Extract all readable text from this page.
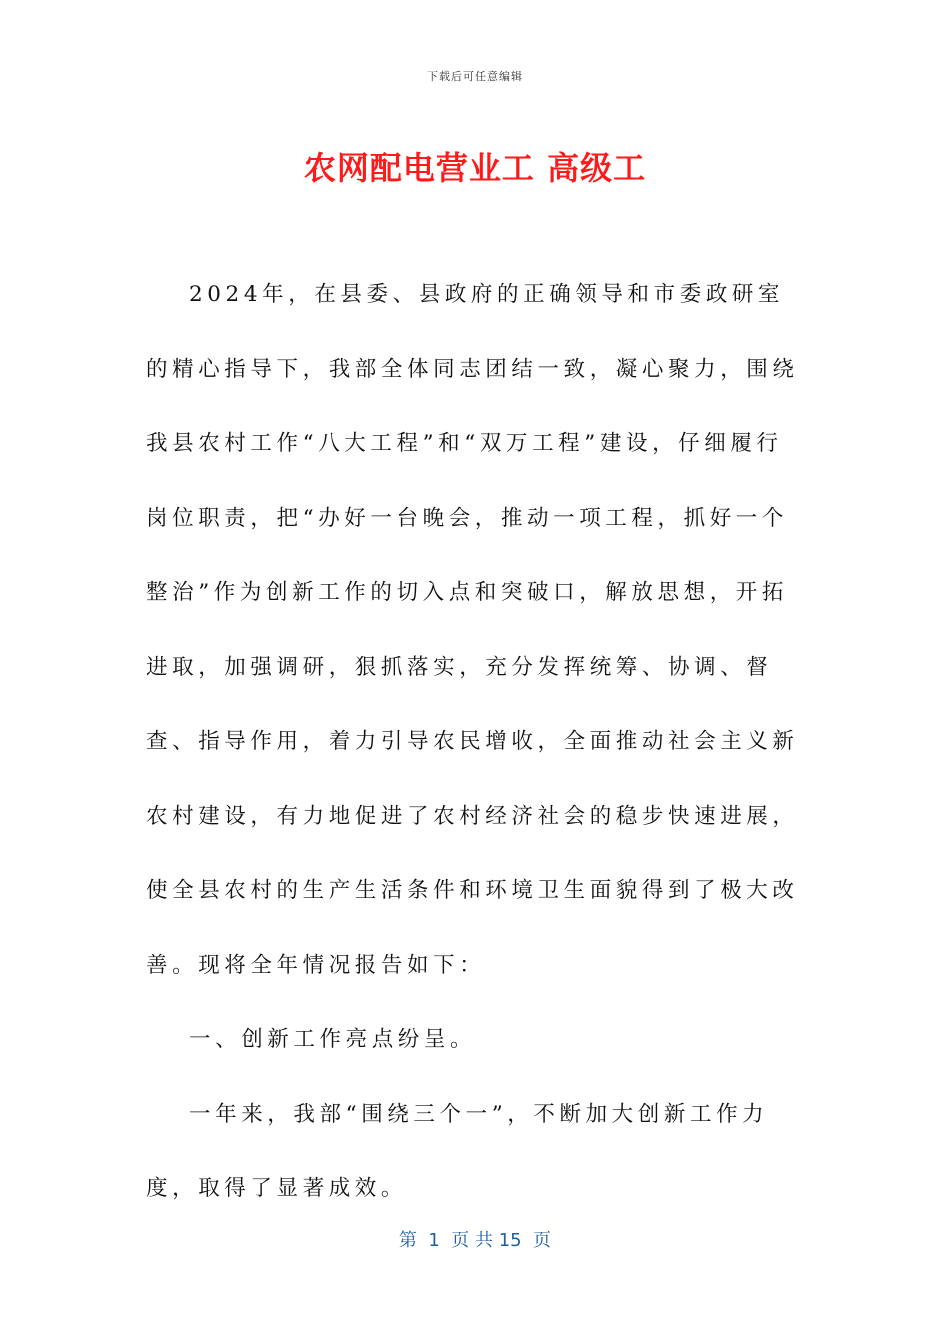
下载后可任意编辑
农网配电营业工 高级工

2024年，在县委、县政府的正确领导和市委政研室的精心指导下，我部全体同志团结一致，凝心聚力，围绕我县农村工作“八大工程”和“双万工程”建设，仔细履行岗位职责，把“办好一台晚会，推动一项工程，抓好一个整治”作为创新工作的切入点和突破口，解放思想，开拓进取，加强调研，狠抓落实，充分发挥统筹、协调、督查、指导作用，着力引导农民增收，全面推动社会主义新农村建设，有力地促进了农村经济社会的稳步快速进展，使全县农村的生产生活条件和环境卫生面貌得到了极大改善。现将全年情况报告如下：

一、创新工作亮点纷呈。

一年来，我部“围绕三个一”，不断加大创新工作力度，取得了显著成效。

第  1  页 共 15  页
